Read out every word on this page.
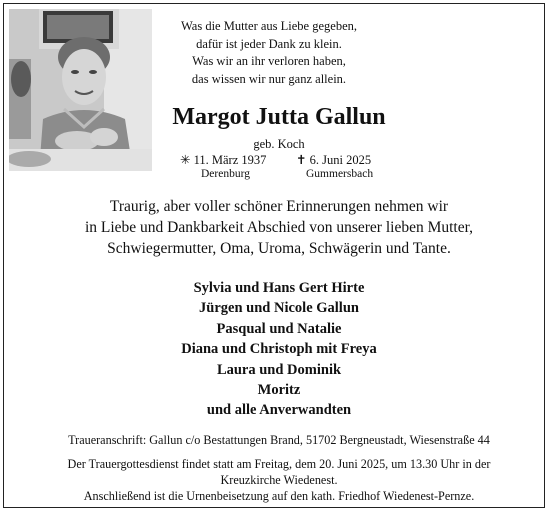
Was die Mutter aus Liebe gegeben,
dafür ist jeder Dank zu klein.
Was wir an ihr verloren haben,
das wissen wir nur ganz allein.
Margot Jutta Gallun
geb. Koch
✳ 11. März 1937 ✝ 6. Juni 2025
Derenburg	Gummersbach
Traurig, aber voller schöner Erinnerungen nehmen wir
in Liebe und Dankbarkeit Abschied von unserer lieben Mutter,
Schwiegermutter, Oma, Uroma, Schwägerin und Tante.
Sylvia und Hans Gert Hirte
Jürgen und Nicole Gallun
Pasqual und Natalie
Diana und Christoph mit Freya
Laura und Dominik
Moritz
und alle Anverwandten
Traueranschrift: Gallun c/o Bestattungen Brand, 51702 Bergneustadt, Wiesenstraße 44
Der Trauergottesdienst findet statt am Freitag, dem 20. Juni 2025, um 13.30 Uhr in der
Kreuzkirche Wiedenest.
Anschließend ist die Urnenbeisetzung auf den kath. Friedhof Wiedenest-Pernze.
